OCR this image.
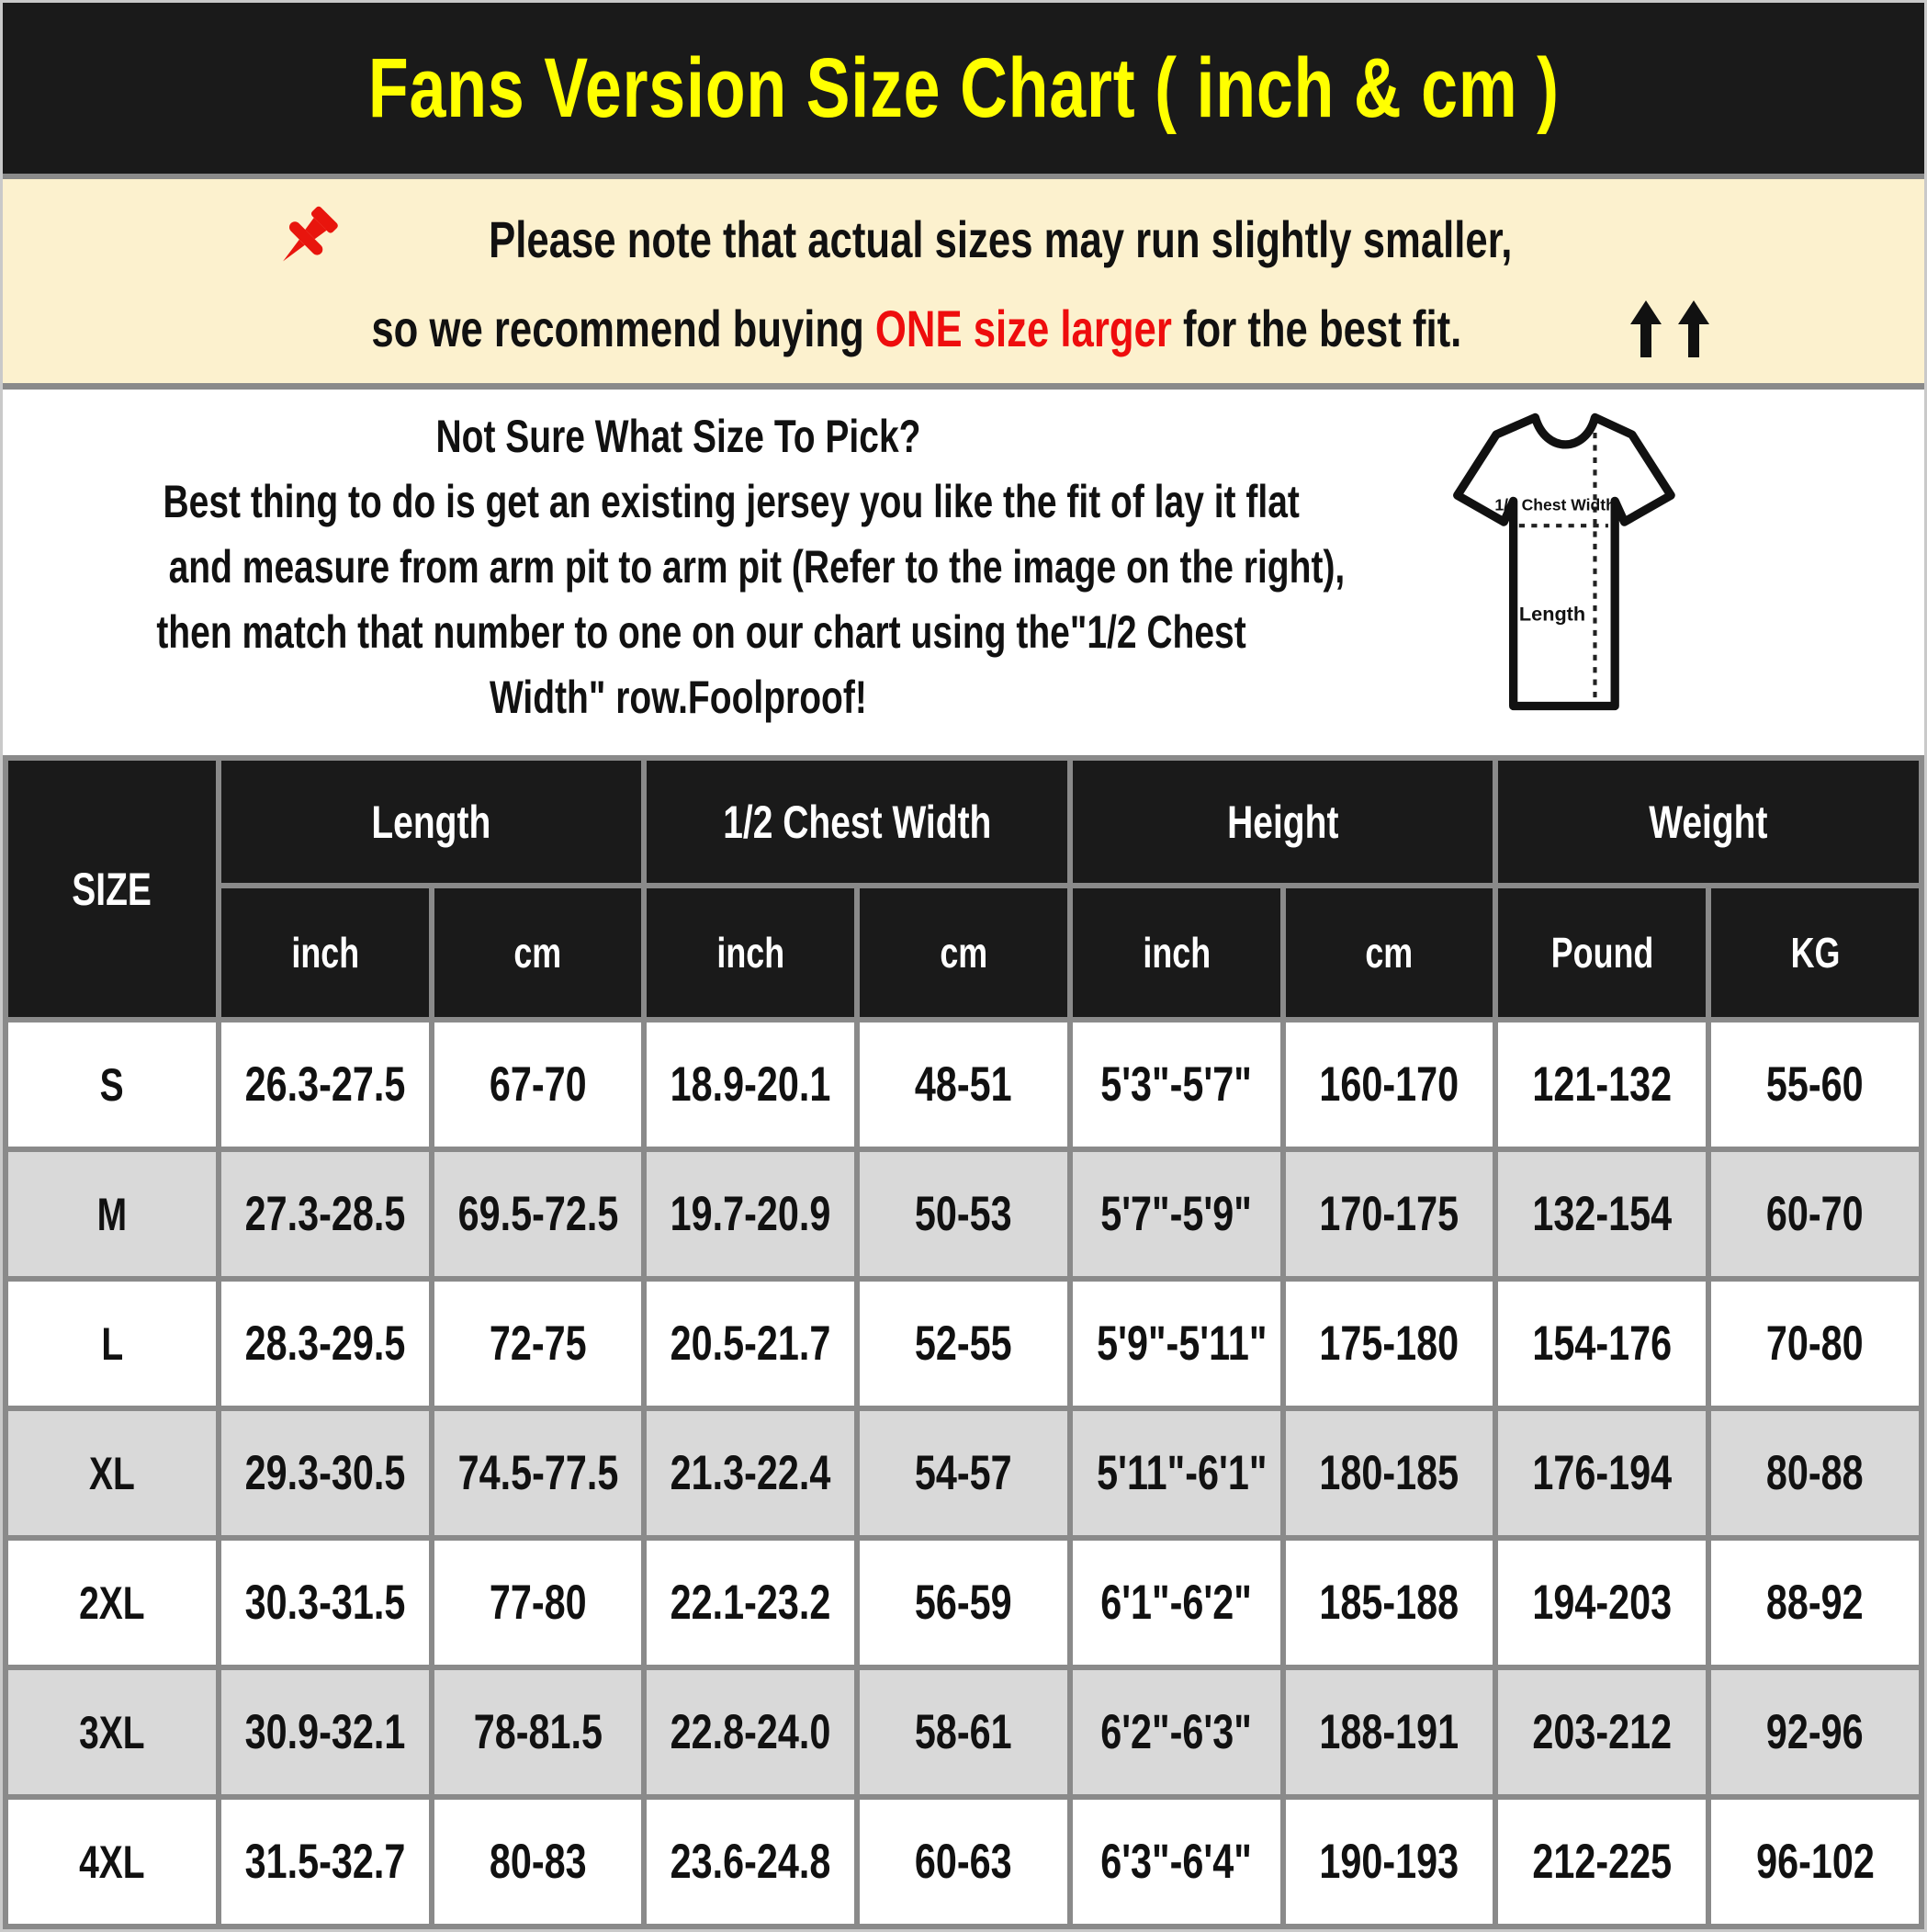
Fans Version Size Chart ( inch & cm )
Please note that actual sizes may run slightly smaller,
so we recommend buying ONE size larger for the best fit.
Not Sure What Size To Pick?
Best thing to do is get an existing jersey you like the fit of lay it flat
and measure from arm pit to arm pit (Refer to the image on the right),
then match that number to one on our chart using the"1/2 Chest
Width" row.Foolproof!
1/2 Chest Width
Length
SIZE	Length		1/2 Chest Width		Height		Weight	
	inch	cm	inch	cm	inch	cm	Pound	KG
S	26.3-27.5	67-70	18.9-20.1	48-51	5'3"-5'7"	160-170	121-132	55-60
M	27.3-28.5	69.5-72.5	19.7-20.9	50-53	5'7"-5'9"	170-175	132-154	60-70
L	28.3-29.5	72-75	20.5-21.7	52-55	5'9"-5'11"	175-180	154-176	70-80
XL	29.3-30.5	74.5-77.5	21.3-22.4	54-57	5'11"-6'1"	180-185	176-194	80-88
2XL	30.3-31.5	77-80	22.1-23.2	56-59	6'1"-6'2"	185-188	194-203	88-92
3XL	30.9-32.1	78-81.5	22.8-24.0	58-61	6'2"-6'3"	188-191	203-212	92-96
4XL	31.5-32.7	80-83	23.6-24.8	60-63	6'3"-6'4"	190-193	212-225	96-102
